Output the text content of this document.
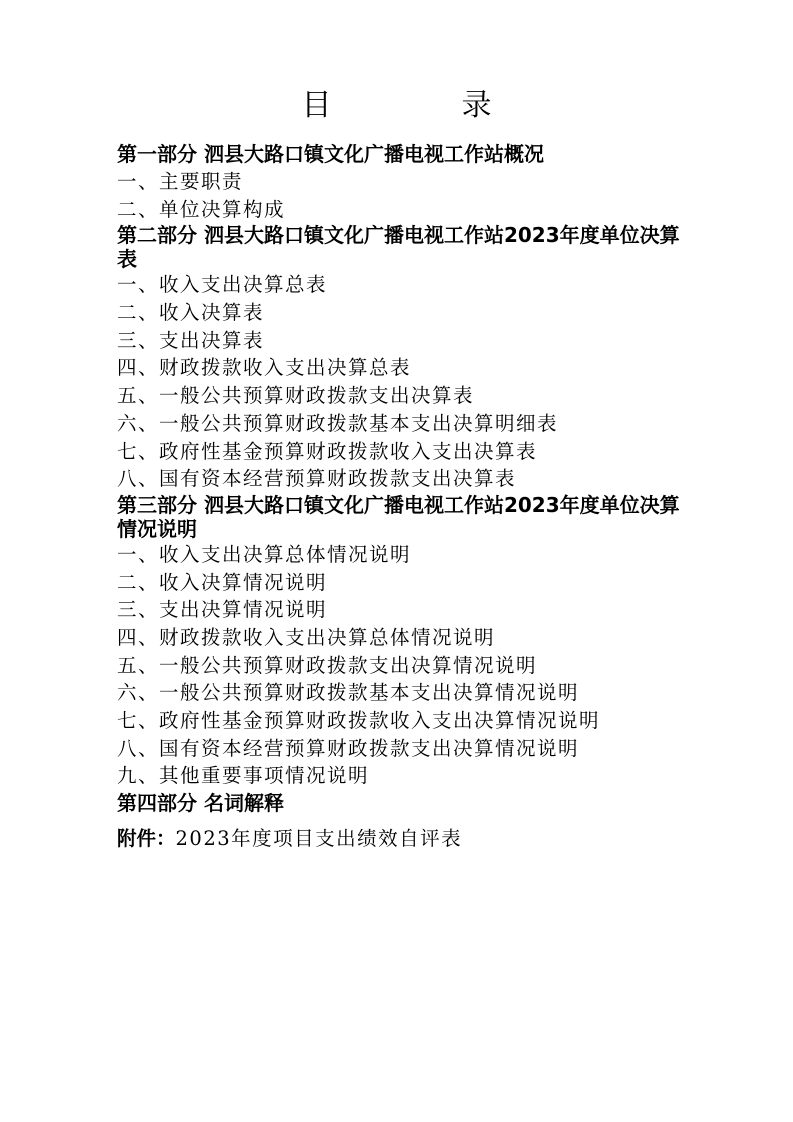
目　录
第一部分 泗县大路口镇文化广播电视工作站概况
一、主要职责
二、单位决算构成
第二部分 泗县大路口镇文化广播电视工作站2023年度单位决算表
一、收入支出决算总表
二、收入决算表
三、支出决算表
四、财政拨款收入支出决算总表
五、一般公共预算财政拨款支出决算表
六、一般公共预算财政拨款基本支出决算明细表
七、政府性基金预算财政拨款收入支出决算表
八、国有资本经营预算财政拨款支出决算表
第三部分 泗县大路口镇文化广播电视工作站2023年度单位决算情况说明
一、收入支出决算总体情况说明
二、收入决算情况说明
三、支出决算情况说明
四、财政拨款收入支出决算总体情况说明
五、一般公共预算财政拨款支出决算情况说明
六、一般公共预算财政拨款基本支出决算情况说明
七、政府性基金预算财政拨款收入支出决算情况说明
八、国有资本经营预算财政拨款支出决算情况说明
九、其他重要事项情况说明
第四部分 名词解释
附件：2023年度项目支出绩效自评表
